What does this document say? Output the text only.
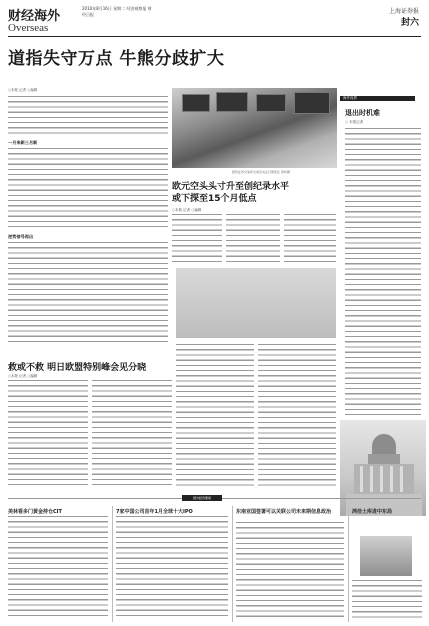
财经海外
Overseas
2010年8月16日 星期二 经济观察报 财经日报	上海证券报
封六
道指失守万点 牛熊分歧扩大
○本报 记者 ○编辑
一月来新三月新
逆势信号再出
纽约证券交易所交易员关注行情变化 资料图
欧元空头头寸升至创纪录水平
或下探至15个月低点
○本报 记者 ○编辑
海外视界
退出时机难
○ 本报记者
救或不救 明日欧盟特别峰会见分晓
○本报 记者 ○编辑
国外经济要闻
美林看多门黄金持仓CIT	7家中国公司首年1月全球十大IPO	东南亚国签署可以关联公司未来期信息政治	鸿佳土库进中东局
